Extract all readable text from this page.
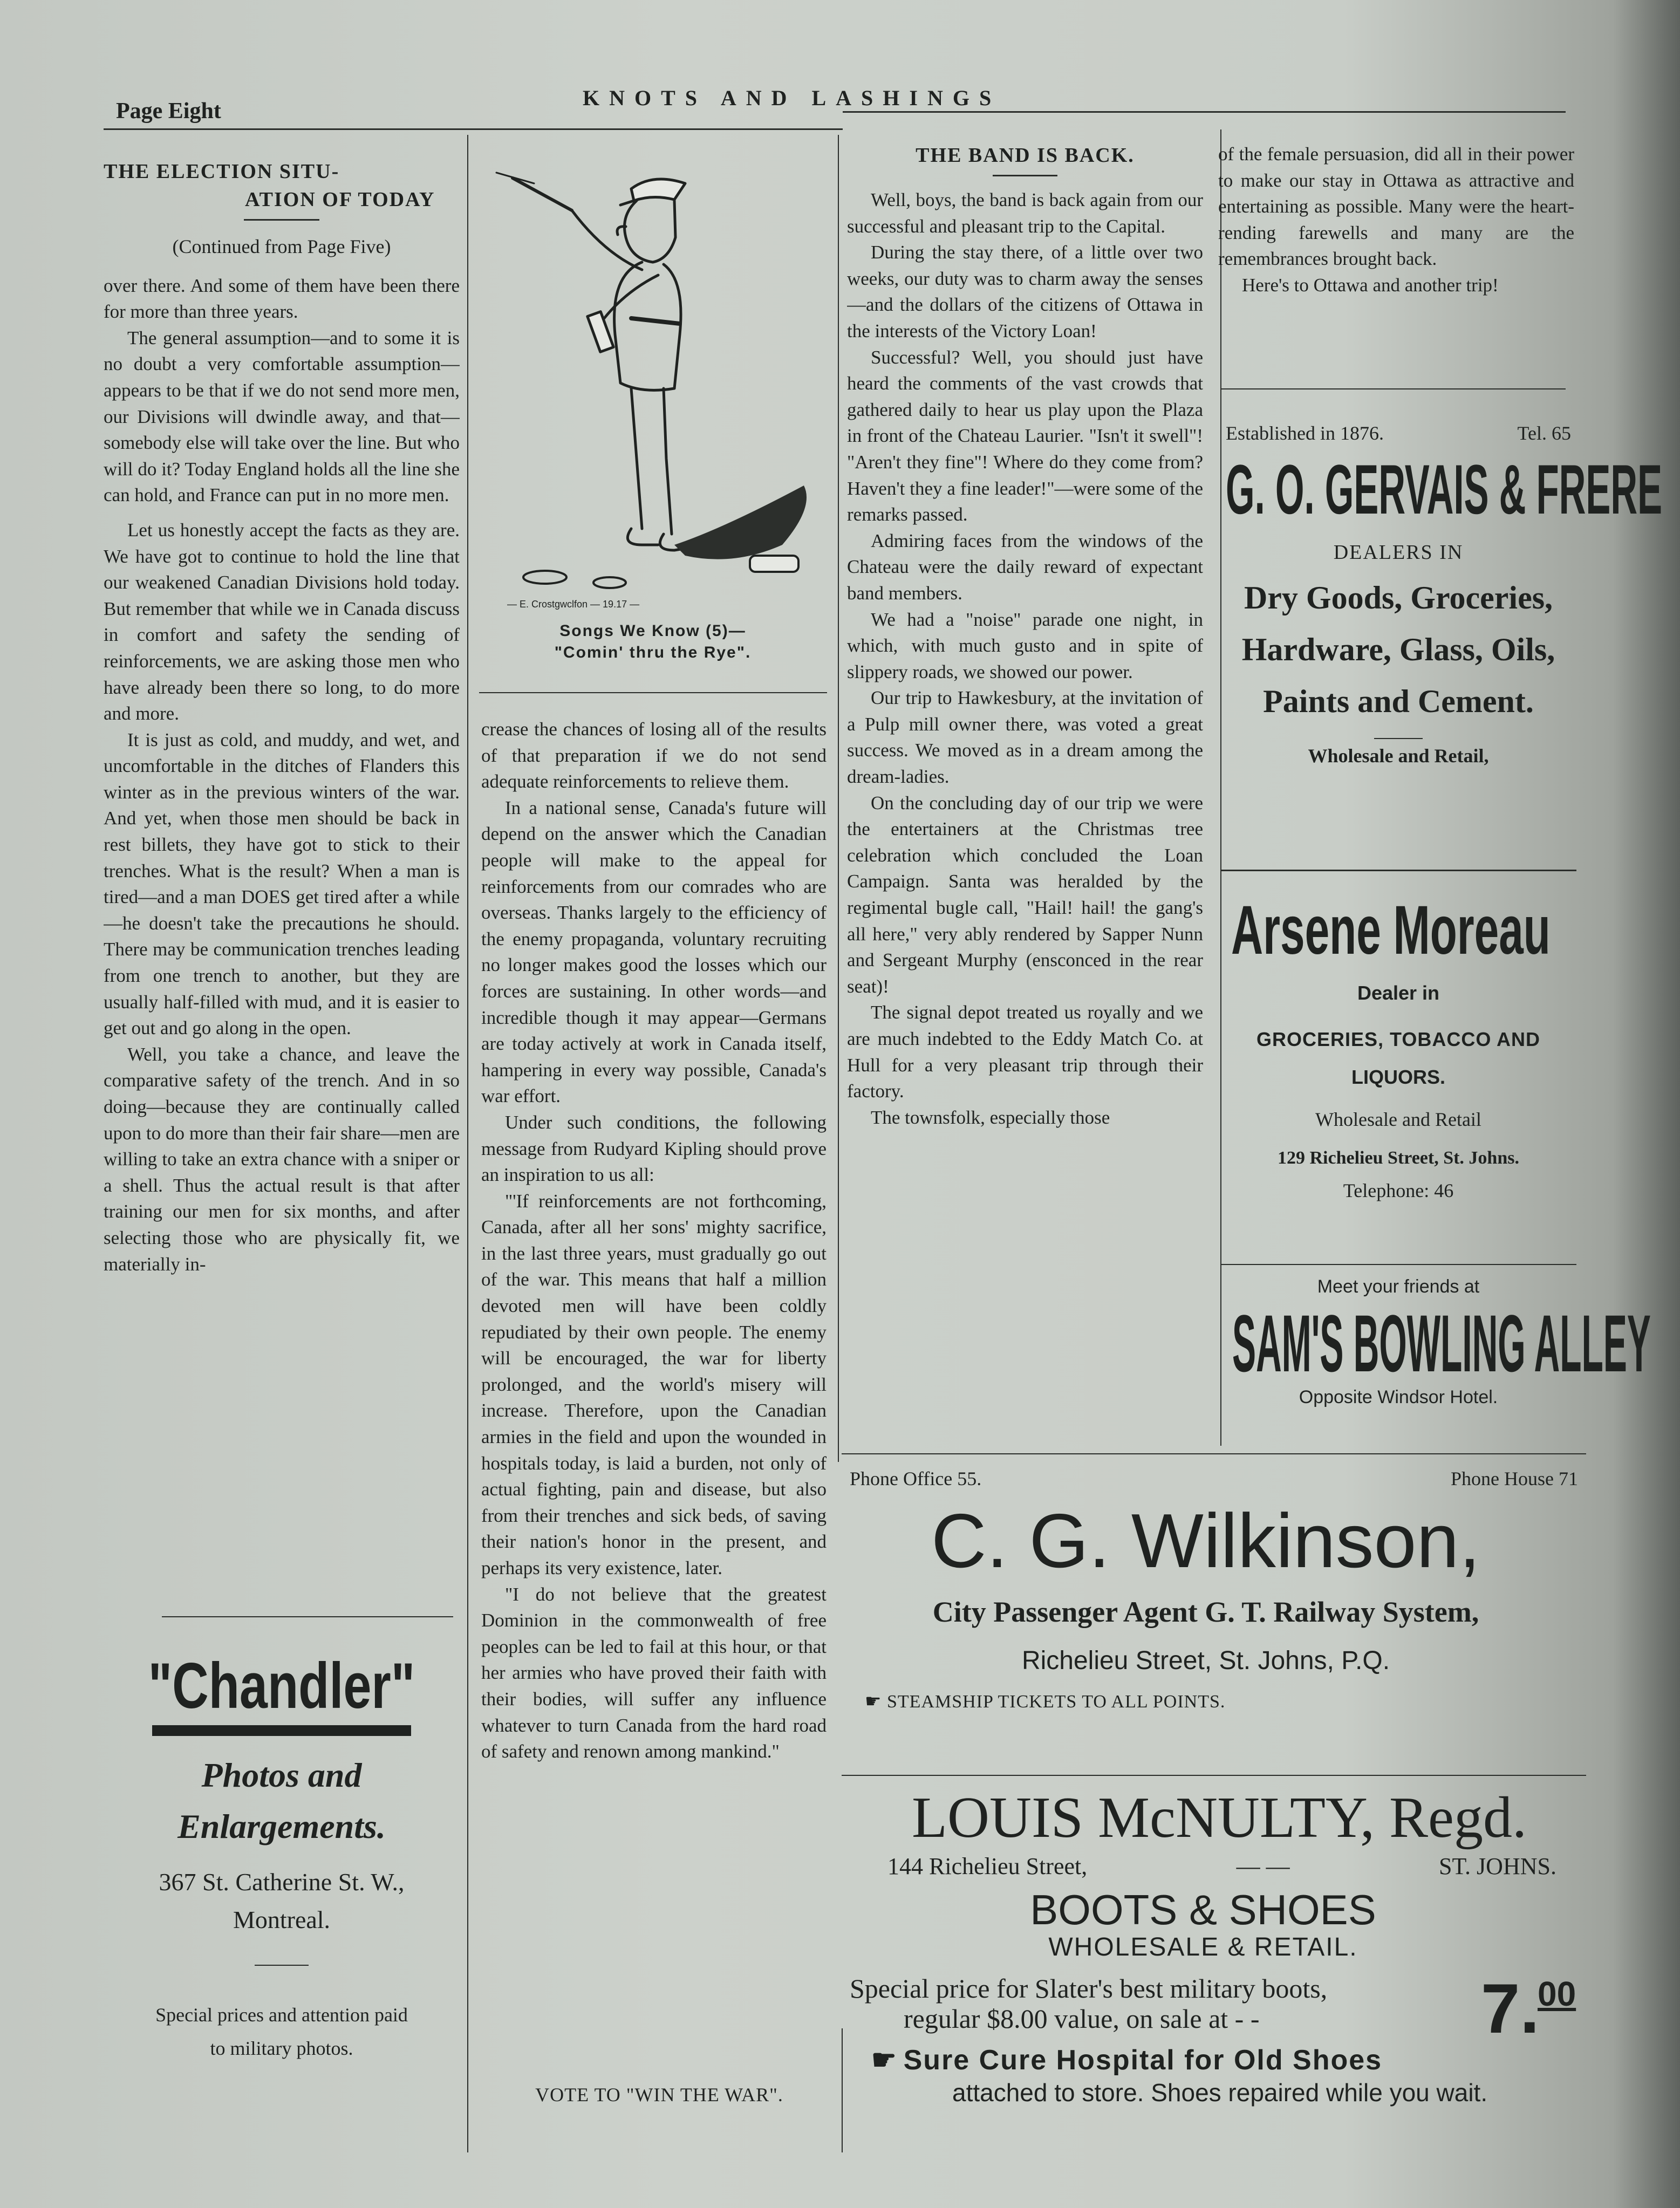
Page Eight
KNOTS AND LASHINGS
THE ELECTION SITU-
ATION OF TODAY
(Continued from Page Five)

over there. And some of them have been there for more than three years.

The general assumption—and to some it is no doubt a very comfortable assumption—appears to be that if we do not send more men, our Divisions will dwindle away, and that—somebody else will take over the line. But who will do it? Today England holds all the line she can hold, and France can put in no more men.

Let us honestly accept the facts as they are. We have got to continue to hold the line that our weakened Canadian Divisions hold today. But remember that while we in Canada discuss in comfort and safety the sending of reinforcements, we are asking those men who have already been there so long, to do more and more.

It is just as cold, and muddy, and wet, and uncomfortable in the ditches of Flanders this winter as in the previous winters of the war. And yet, when those men should be back in rest billets, they have got to stick to their trenches. What is the result? When a man is tired—and a man DOES get tired after a while—he doesn't take the precautions he should. There may be communication trenches leading from one trench to another, but they are usually half-filled with mud, and it is easier to get out and go along in the open.

Well, you take a chance, and leave the comparative safety of the trench. And in so doing—because they are continually called upon to do more than their fair share—men are willing to take an extra chance with a sniper or a shell. Thus the actual result is that after training our men for six months, and after selecting those who are physically fit, we materially in-

"Chandler"
Photos and
Enlargements.
367 St. Catherine St. W.,
Montreal.
Special prices and attention paid
to military photos.
— E. Crostgwclfon — 19.17 —
Songs We Know (5)—
"Comin' thru the Rye".

crease the chances of losing all of the results of that preparation if we do not send adequate reinforcements to relieve them.

In a national sense, Canada's future will depend on the answer which the Canadian people will make to the appeal for reinforcements from our comrades who are overseas. Thanks largely to the efficiency of the enemy propaganda, voluntary recruiting no longer makes good the losses which our forces are sustaining. In other words—and incredible though it may appear—Germans are today actively at work in Canada itself, hampering in every way possible, Canada's war effort.

Under such conditions, the following message from Rudyard Kipling should prove an inspiration to us all:

"'If reinforcements are not forthcoming, Canada, after all her sons' mighty sacrifice, in the last three years, must gradually go out of the war. This means that half a million devoted men will have been coldly repudiated by their own people. The enemy will be encouraged, the war for liberty prolonged, and the world's misery will increase. Therefore, upon the Canadian armies in the field and upon the wounded in hospitals today, is laid a burden, not only of actual fighting, pain and disease, but also from their trenches and sick beds, of saving their nation's honor in the present, and perhaps its very existence, later.

"I do not believe that the greatest Dominion in the commonwealth of free peoples can be led to fail at this hour, or that her armies who have proved their faith with their bodies, will suffer any influence whatever to turn Canada from the hard road of safety and renown among mankind."

VOTE TO "WIN THE WAR".
THE BAND IS BACK.

Well, boys, the band is back again from our successful and pleasant trip to the Capital.

During the stay there, of a little over two weeks, our duty was to charm away the senses—and the dollars of the citizens of Ottawa in the interests of the Victory Loan!

Successful? Well, you should just have heard the comments of the vast crowds that gathered daily to hear us play upon the Plaza in front of the Chateau Laurier. "Isn't it swell"! "Aren't they fine"! Where do they come from? Haven't they a fine leader!"—were some of the remarks passed.

Admiring faces from the windows of the Chateau were the daily reward of expectant band members.

We had a "noise" parade one night, in which, with much gusto and in spite of slippery roads, we showed our power.

Our trip to Hawkesbury, at the invitation of a Pulp mill owner there, was voted a great success. We moved as in a dream among the dream-ladies.

On the concluding day of our trip we were the entertainers at the Christmas tree celebration which concluded the Loan Campaign. Santa was heralded by the regimental bugle call, "Hail! hail! the gang's all here," very ably rendered by Sapper Nunn and Sergeant Murphy (ensconced in the rear seat)!

The signal depot treated us royally and we are much indebted to the Eddy Match Co. at Hull for a very pleasant trip through their factory.

The townsfolk, especially those

of the female persuasion, did all in their power to make our stay in Ottawa as attractive and entertaining as possible. Many were the heart-rending farewells and many are the remembrances brought back.

Here's to Ottawa and another trip!

Established in 1876.	Tel. 65
G. O. GERVAIS & FRERE
DEALERS IN
Dry Goods, Groceries,
Hardware, Glass, Oils,
Paints and Cement.
Wholesale and Retail,
Arsene Moreau
Dealer in
GROCERIES, TOBACCO AND
LIQUORS.
Wholesale and Retail
129 Richelieu Street, St. Johns.
Telephone: 46
Meet your friends at
SAM'S BOWLING ALLEY
Opposite Windsor Hotel.
Phone Office 55.	Phone House 71
C. G. Wilkinson,
City Passenger Agent G. T. Railway System,
Richelieu Street, St. Johns, P.Q.
☛ STEAMSHIP TICKETS TO ALL POINTS.
LOUIS McNULTY, Regd.
144 Richelieu Street,	— —	ST. JOHNS.
BOOTS & SHOES
WHOLESALE & RETAIL.
Special price for Slater's best military boots,
regular $8.00 value, on sale at - -	7.
00
☛ Sure Cure Hospital for Old Shoes
attached to store. Shoes repaired while you wait.
